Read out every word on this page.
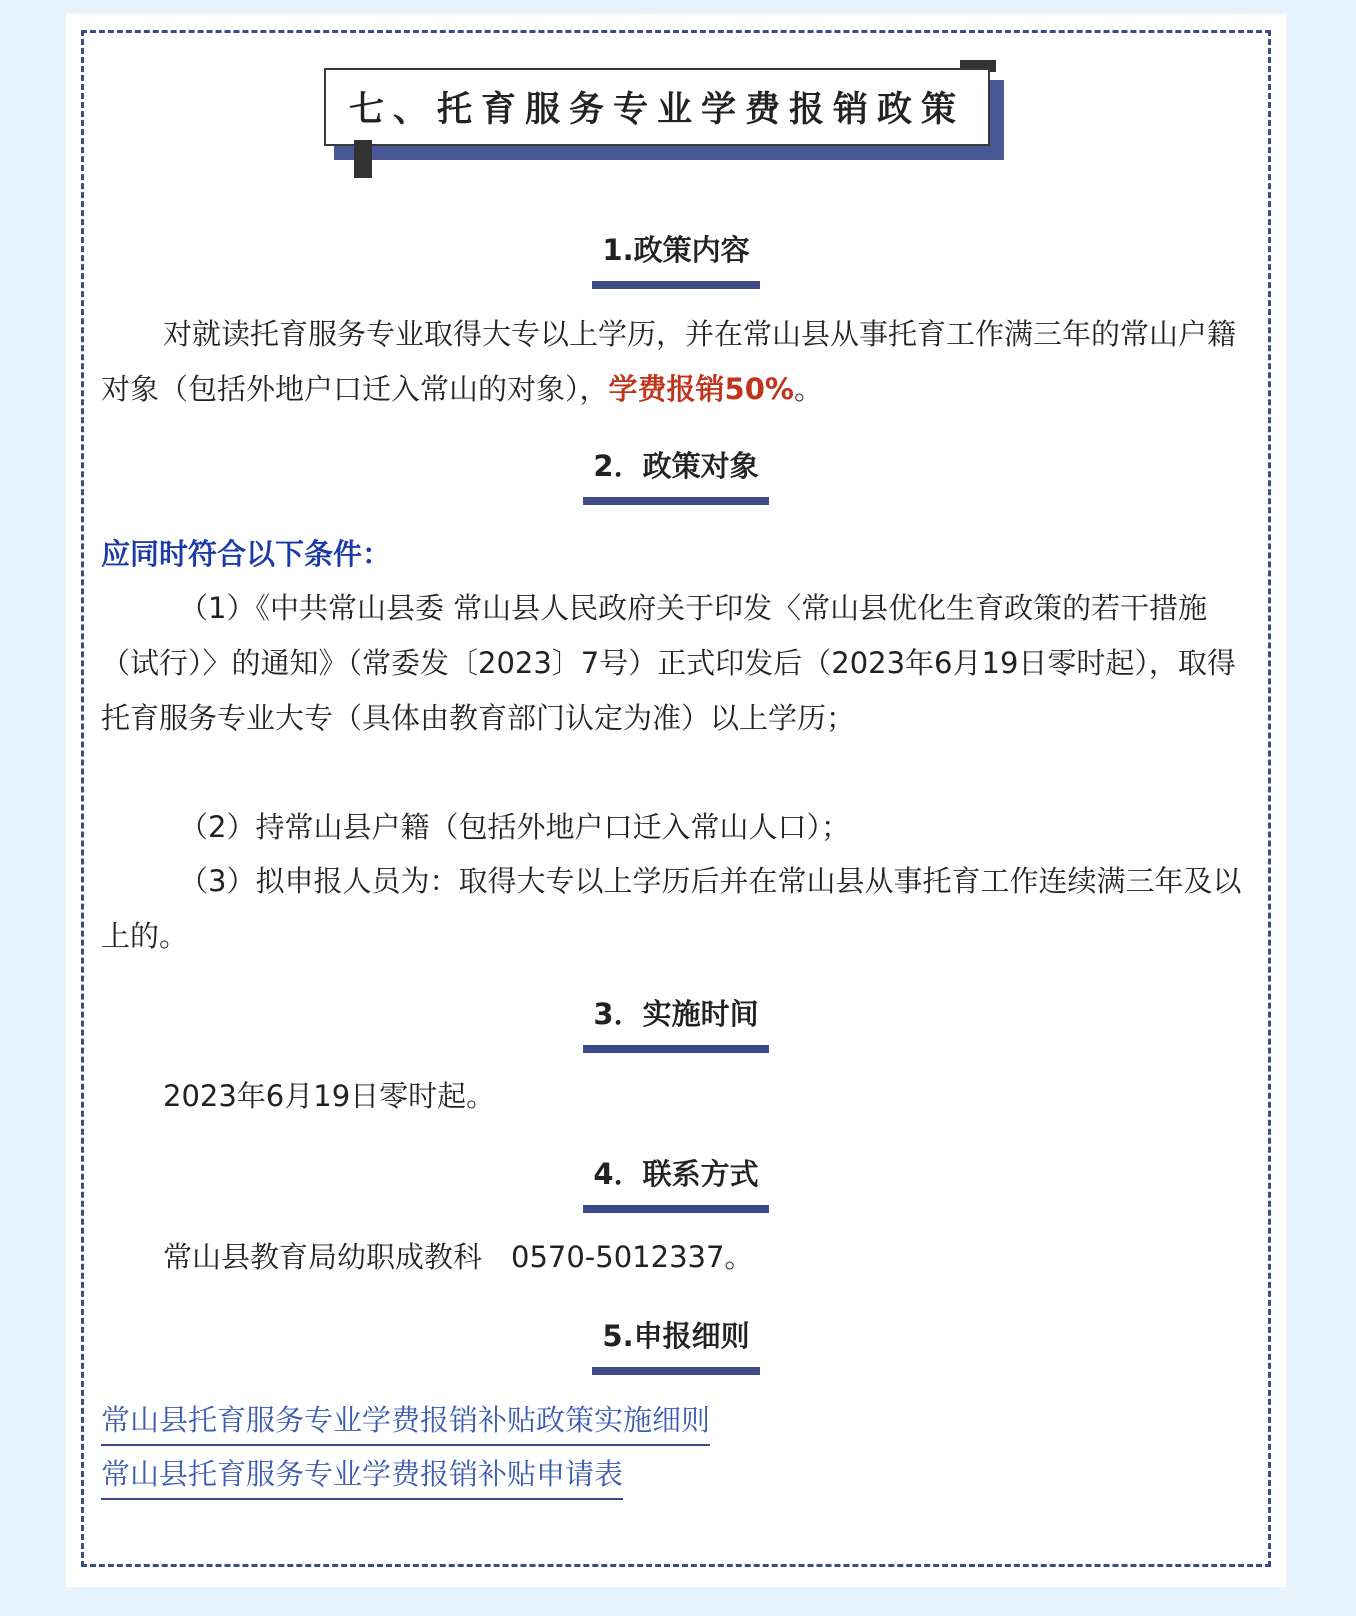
七、托育服务专业学费报销政策
1.政策内容
对就读托育服务专业取得大专以上学历，并在常山县从事托育工作满三年的常山户籍对象（包括外地户口迁入常山的对象），学费报销50%。
2．政策对象
应同时符合以下条件：
（1）《中共常山县委 常山县人民政府关于印发〈常山县优化生育政策的若干措施（试行）〉的通知》（常委发〔2023〕7号）正式印发后（2023年6月19日零时起），取得托育服务专业大专（具体由教育部门认定为准）以上学历；
（2）持常山县户籍（包括外地户口迁入常山人口）；
（3）拟申报人员为：取得大专以上学历后并在常山县从事托育工作连续满三年及以上的。
3．实施时间
2023年6月19日零时起。
4．联系方式
常山县教育局幼职成教科　0570-5012337。
5.申报细则
常山县托育服务专业学费报销补贴政策实施细则
常山县托育服务专业学费报销补贴申请表
